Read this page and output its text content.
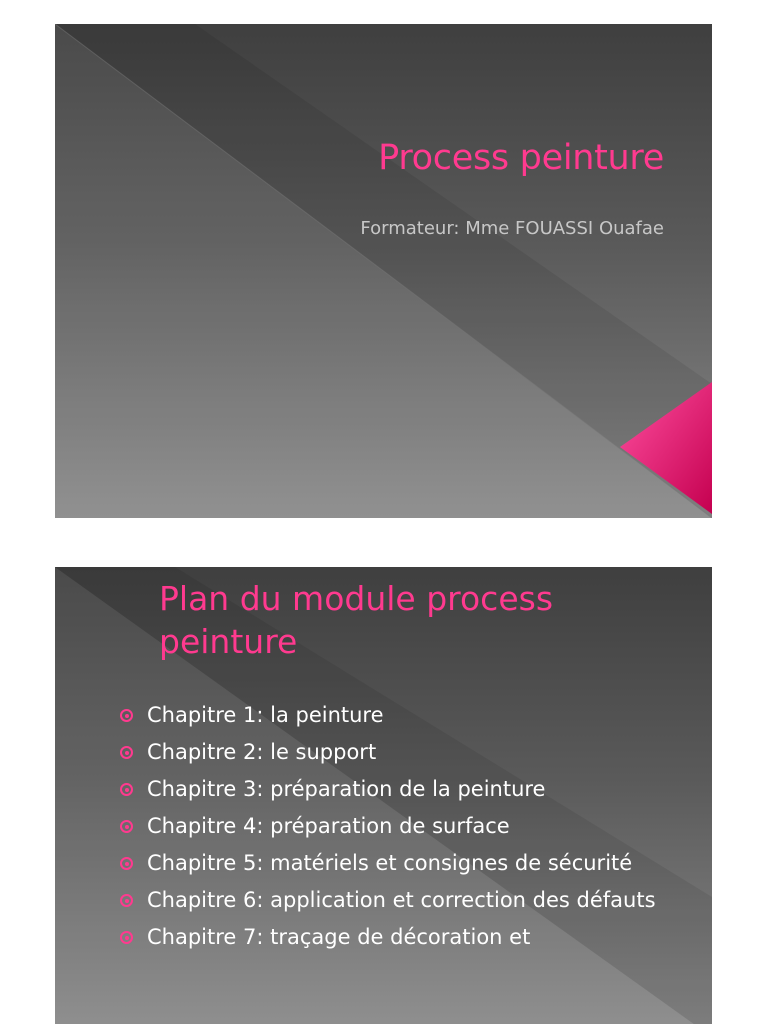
Process peinture
Formateur: Mme FOUASSI Ouafae
Plan du module process peinture
Chapitre 1: la peinture
Chapitre 2: le support
Chapitre 3: préparation de la peinture
Chapitre 4: préparation de surface
Chapitre 5: matériels et consignes de sécurité
Chapitre 6: application et correction des défauts
Chapitre 7: traçage de décoration et
